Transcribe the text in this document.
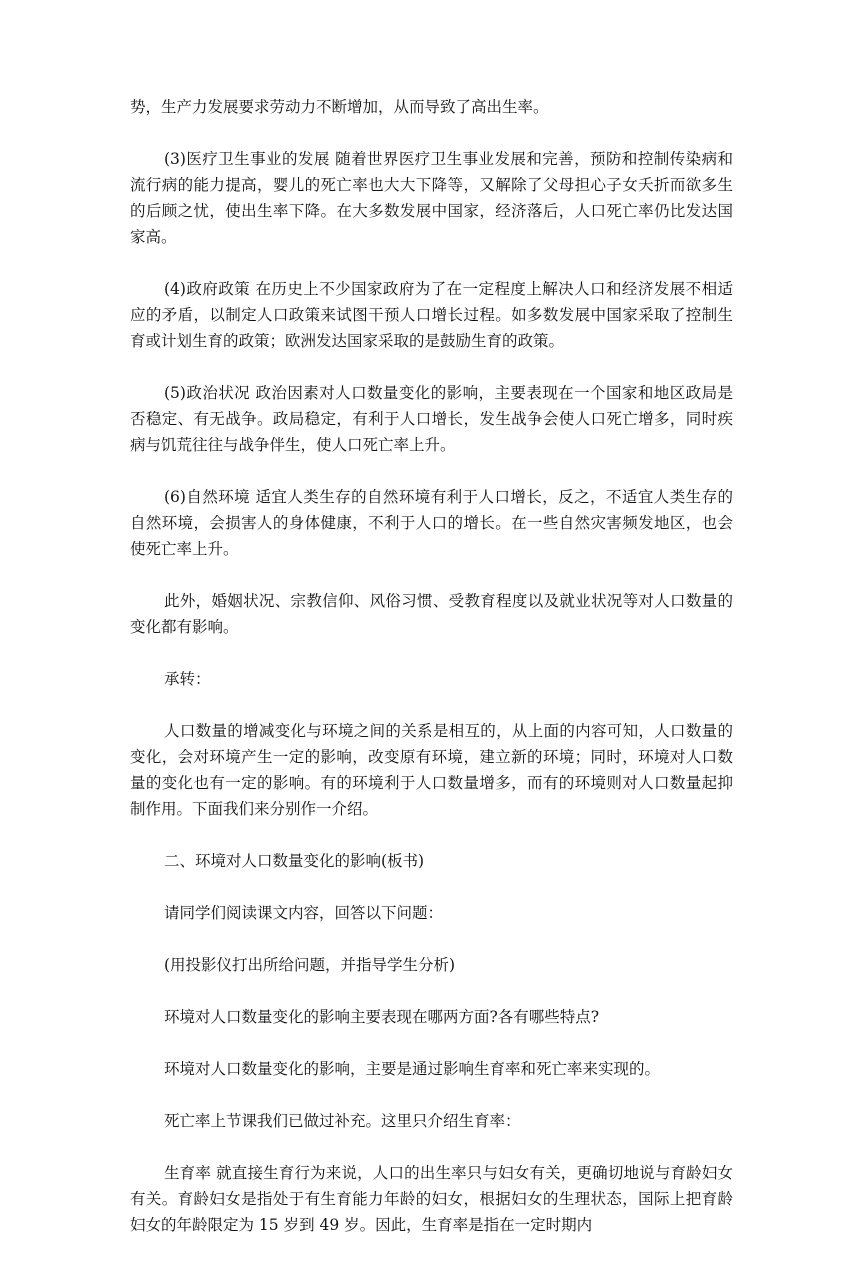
势，生产力发展要求劳动力不断增加，从而导致了高出生率。

(3)医疗卫生事业的发展 随着世界医疗卫生事业发展和完善，预防和控制传染病和流行病的能力提高，婴儿的死亡率也大大下降等，又解除了父母担心子女夭折而欲多生的后顾之忧，使出生率下降。在大多数发展中国家，经济落后，人口死亡率仍比发达国家高。

(4)政府政策 在历史上不少国家政府为了在一定程度上解决人口和经济发展不相适应的矛盾，以制定人口政策来试图干预人口增长过程。如多数发展中国家采取了控制生育或计划生育的政策；欧洲发达国家采取的是鼓励生育的政策。

(5)政治状况 政治因素对人口数量变化的影响，主要表现在一个国家和地区政局是否稳定、有无战争。政局稳定，有利于人口增长，发生战争会使人口死亡增多，同时疾病与饥荒往往与战争伴生，使人口死亡率上升。

(6)自然环境 适宜人类生存的自然环境有利于人口增长，反之，不适宜人类生存的自然环境，会损害人的身体健康，不利于人口的增长。在一些自然灾害频发地区，也会使死亡率上升。

此外，婚姻状况、宗教信仰、风俗习惯、受教育程度以及就业状况等对人口数量的变化都有影响。

承转：

人口数量的增减变化与环境之间的关系是相互的，从上面的内容可知，人口数量的变化，会对环境产生一定的影响，改变原有环境，建立新的环境；同时，环境对人口数量的变化也有一定的影响。有的环境利于人口数量增多，而有的环境则对人口数量起抑制作用。下面我们来分别作一介绍。

二、环境对人口数量变化的影响(板书)

请同学们阅读课文内容，回答以下问题：

(用投影仪打出所给问题，并指导学生分析)

环境对人口数量变化的影响主要表现在哪两方面?各有哪些特点?

环境对人口数量变化的影响，主要是通过影响生育率和死亡率来实现的。

死亡率上节课我们已做过补充。这里只介绍生育率：

生育率 就直接生育行为来说，人口的出生率只与妇女有关，更确切地说与育龄妇女有关。育龄妇女是指处于有生育能力年龄的妇女，根据妇女的生理状态，国际上把育龄妇女的年龄限定为 15 岁到 49 岁。因此，生育率是指在一定时期内
